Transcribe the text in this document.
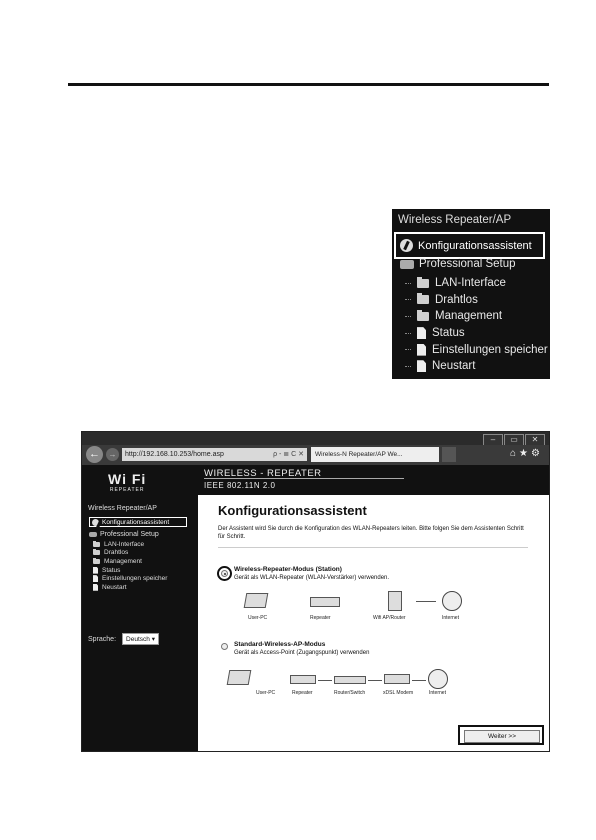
Wireless Repeater/AP
Konfigurationsassistent
Professional Setup
LAN-Interface
Drahtlos
Management
Status
Einstellungen speicher
Neustart
–	▭	✕
←	→	http://192.168.10.253/home.asp	ρ - ≣ C ✕	Wireless-N Repeater/AP We...	⌂★⚙
Wi Fi
REPEATER
Wireless Repeater/AP
Konfigurationsassistent
Professional Setup
LAN-Interface
Drahtlos
Management
Status
Einstellungen speicher
Neustart
Sprache:	Deutsch ▾
WIRELESS - REPEATER
IEEE 802.11N 2.0
Konfigurationsassistent
Der Assistent wird Sie durch die Konfiguration des WLAN-Repeaters leiten. Bitte folgen Sie dem Assistenten Schritt für Schritt.
Wireless-Repeater-Modus (Station)
Gerät als WLAN-Repeater (WLAN-Verstärker) verwenden.
User-PC	Repeater	Wifi AP/Router	Internet
Standard-Wireless-AP-Modus
Gerät als Access-Point (Zugangspunkt) verwenden
User-PC	Repeater	Router/Switch	xDSL Modem	Internet
Weiter >>
